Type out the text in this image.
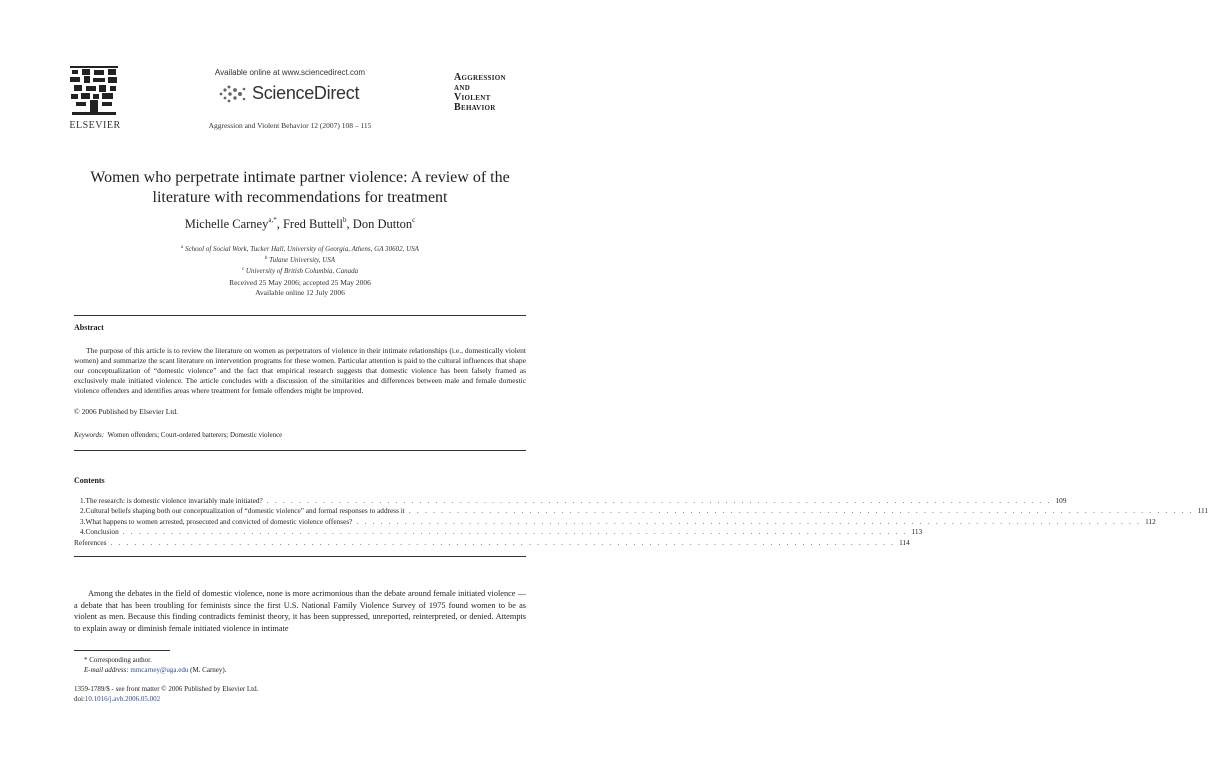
ELSEVIER
Available online at www.sciencedirect.com
ScienceDirect
Aggression and Violent Behavior 12 (2007) 108 – 115
Aggression
and
Violent
Behavior
Women who perpetrate intimate partner violence: A review of the literature with recommendations for treatment
Michelle Carney$^{a,*}$, Fred Buttell$^b$, Don Dutton$^c$
$^a$ School of Social Work, Tucker Hall, University of Georgia, Athens, GA 30602, USA
$^b$ Tulane University, USA
$^c$ University of British Columbia, Canada
Received 25 May 2006; accepted 25 May 2006
Available online 12 July 2006
Abstract
The purpose of this article is to review the literature on women as perpetrators of violence in their intimate relationships (i.e., domestically violent women) and summarize the scant literature on intervention programs for these women. Particular attention is paid to the cultural influences that shape our conceptualization of “domestic violence” and the fact that empirical research suggests that domestic violence has been falsely framed as exclusively male initiated violence. The article concludes with a discussion of the similarities and differences between male and female domestic violence offenders and identifies areas where treatment for female offenders might be improved.
© 2006 Published by Elsevier Ltd.
Keywords: Women offenders; Court-ordered batterers; Domestic violence
Contents
1. The research: is domestic violence invariably male initiated? . . . . . . . . . . . . . . . . . . . . . . . . . . . . . . . . . . . . . . . . . . . . . . . . . . . . . . . . . . . . . . . . . . . . . . . . . . . . . . . . . . . . . . . . . . . . . . . . . . 109
2. Cultural beliefs shaping both our conceptualization of “domestic violence” and formal responses to address it . . . . . . . . . . . . . . . . . . . . . . . . . . . . . . . . . . . . . . . . . . . . . . . . . . . . . . . . . . . . . . . . . . . . . . . . . . . . . . . . . . . . . . . . . . . . . . . . . . 111
3. What happens to women arrested, prosecuted and convicted of domestic violence offenses? . . . . . . . . . . . . . . . . . . . . . . . . . . . . . . . . . . . . . . . . . . . . . . . . . . . . . . . . . . . . . . . . . . . . . . . . . . . . . . . . . . . . . . . . . . . . . . . . . . 112
4. Conclusion . . . . . . . . . . . . . . . . . . . . . . . . . . . . . . . . . . . . . . . . . . . . . . . . . . . . . . . . . . . . . . . . . . . . . . . . . . . . . . . . . . . . . . . . . . . . . . . . . . 113
References . . . . . . . . . . . . . . . . . . . . . . . . . . . . . . . . . . . . . . . . . . . . . . . . . . . . . . . . . . . . . . . . . . . . . . . . . . . . . . . . . . . . . . . . . . . . . . . . . . 114
Among the debates in the field of domestic violence, none is more acrimonious than the debate around female initiated violence — a debate that has been troubling for feminists since the first U.S. National Family Violence Survey of 1975 found women to be as violent as men. Because this finding contradicts feminist theory, it has been suppressed, unreported, reinterpreted, or denied. Attempts to explain away or diminish female initiated violence in intimate
* Corresponding author.
E-mail address: mmcarney@uga.edu (M. Carney).
1359-1789/$ - see front matter © 2006 Published by Elsevier Ltd.
doi:10.1016/j.avb.2006.05.002
